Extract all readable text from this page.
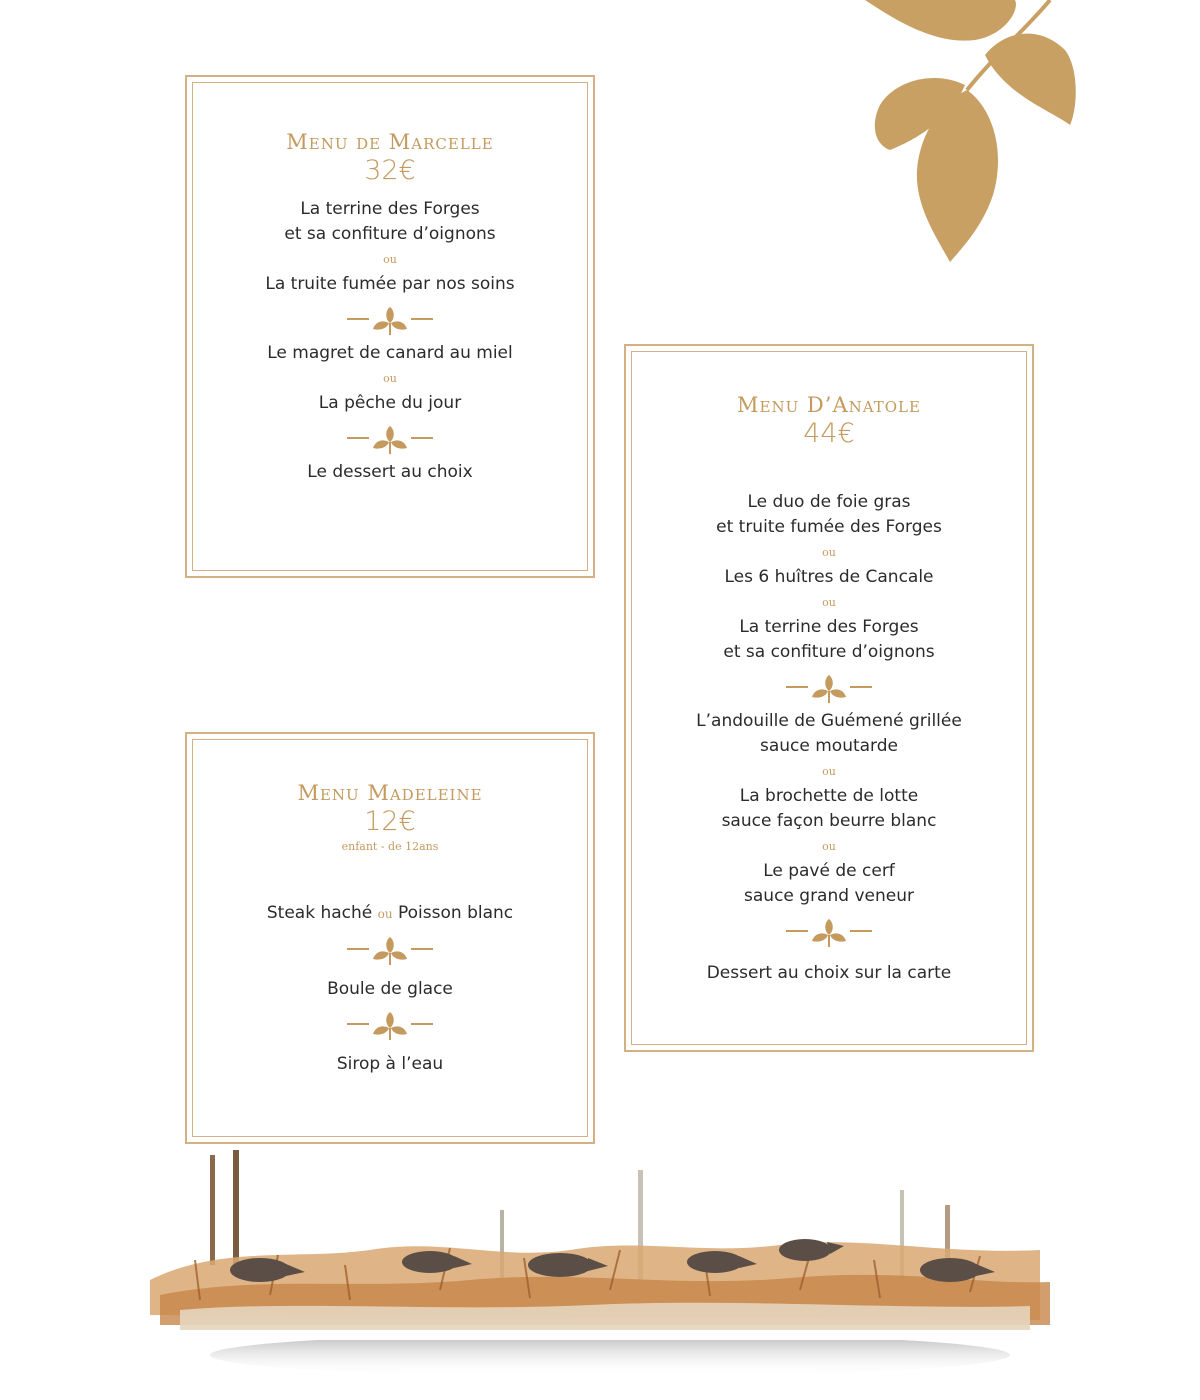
Menu de Marcelle
32€
La terrine des Forges
et sa confiture d’oignons
ou
La truite fumée par nos soins
Le magret de canard au miel
ou
La pêche du jour
Le dessert au choix
Menu D’Anatole
44€
Le duo de foie gras
et truite fumée des Forges
ou
Les 6 huîtres de Cancale
ou
La terrine des Forges
et sa confiture d’oignons
L’andouille de Guémené grillée
sauce moutarde
ou
La brochette de lotte
sauce façon beurre blanc
ou
Le pavé de cerf
sauce grand veneur
Dessert au choix sur la carte
Menu Madeleine
12€
enfant - de 12ans
Steak haché ou Poisson blanc
Boule de glace
Sirop à l’eau
